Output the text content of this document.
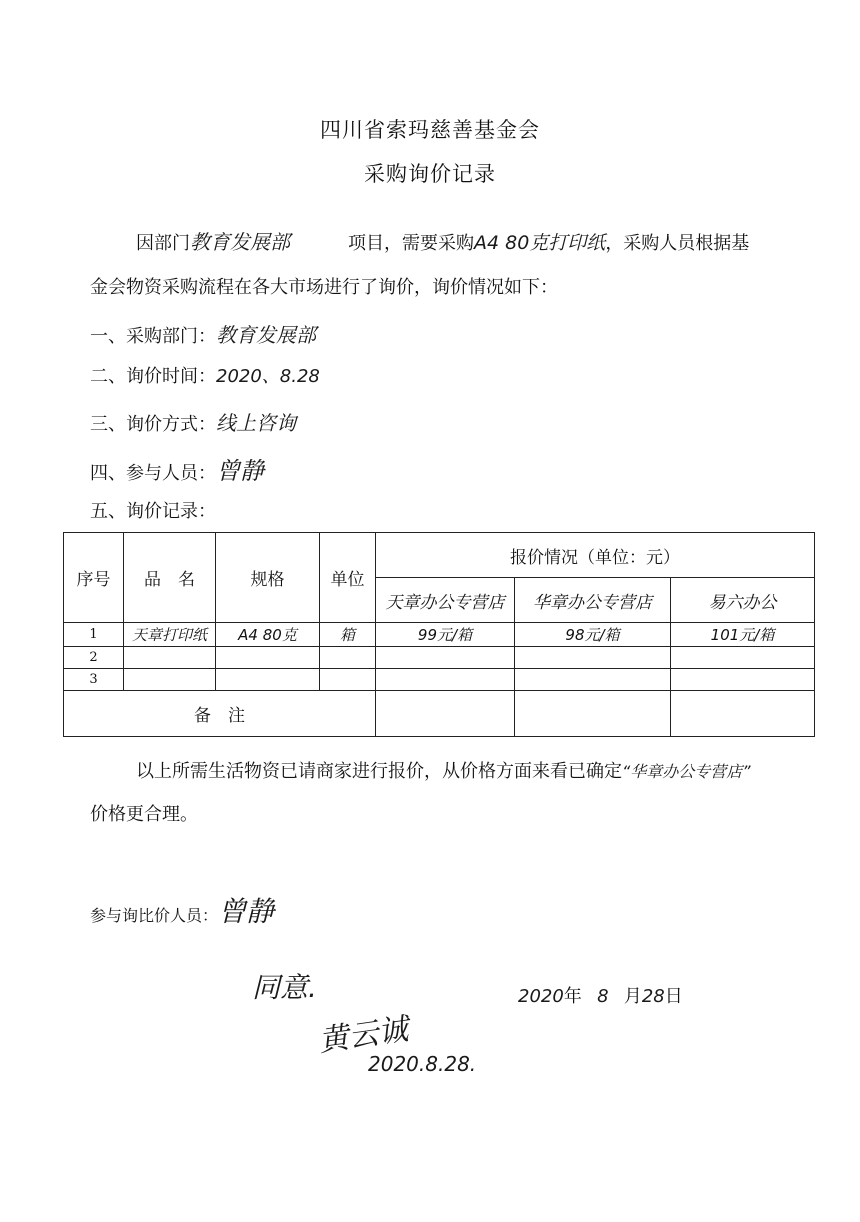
四川省索玛慈善基金会
采购询价记录
因部门教育发展部	项目，需要采购A4 80克打印纸，采购人员根据基
金会物资采购流程在各大市场进行了询价，询价情况如下：
一、采购部门：教育发展部
二、询价时间：2020、8.28
三、询价方式：线上咨询
四、参与人员：曾静
五、询价记录：
序号	品　名	规格	单位	报价情况（单位：元）		
				天章办公专营店	华章办公专营店	易六办公
1	天章打印纸	A4 80克	箱	99元/箱	98元/箱	101元/箱
2						
3						
备　注						
以上所需生活物资已请商家进行报价，从价格方面来看已确定“华章办公专营店”
价格更合理。
参与询比价人员：曾静
同意.
黄云诚
2020.8.28.
2020年 8 月28日
